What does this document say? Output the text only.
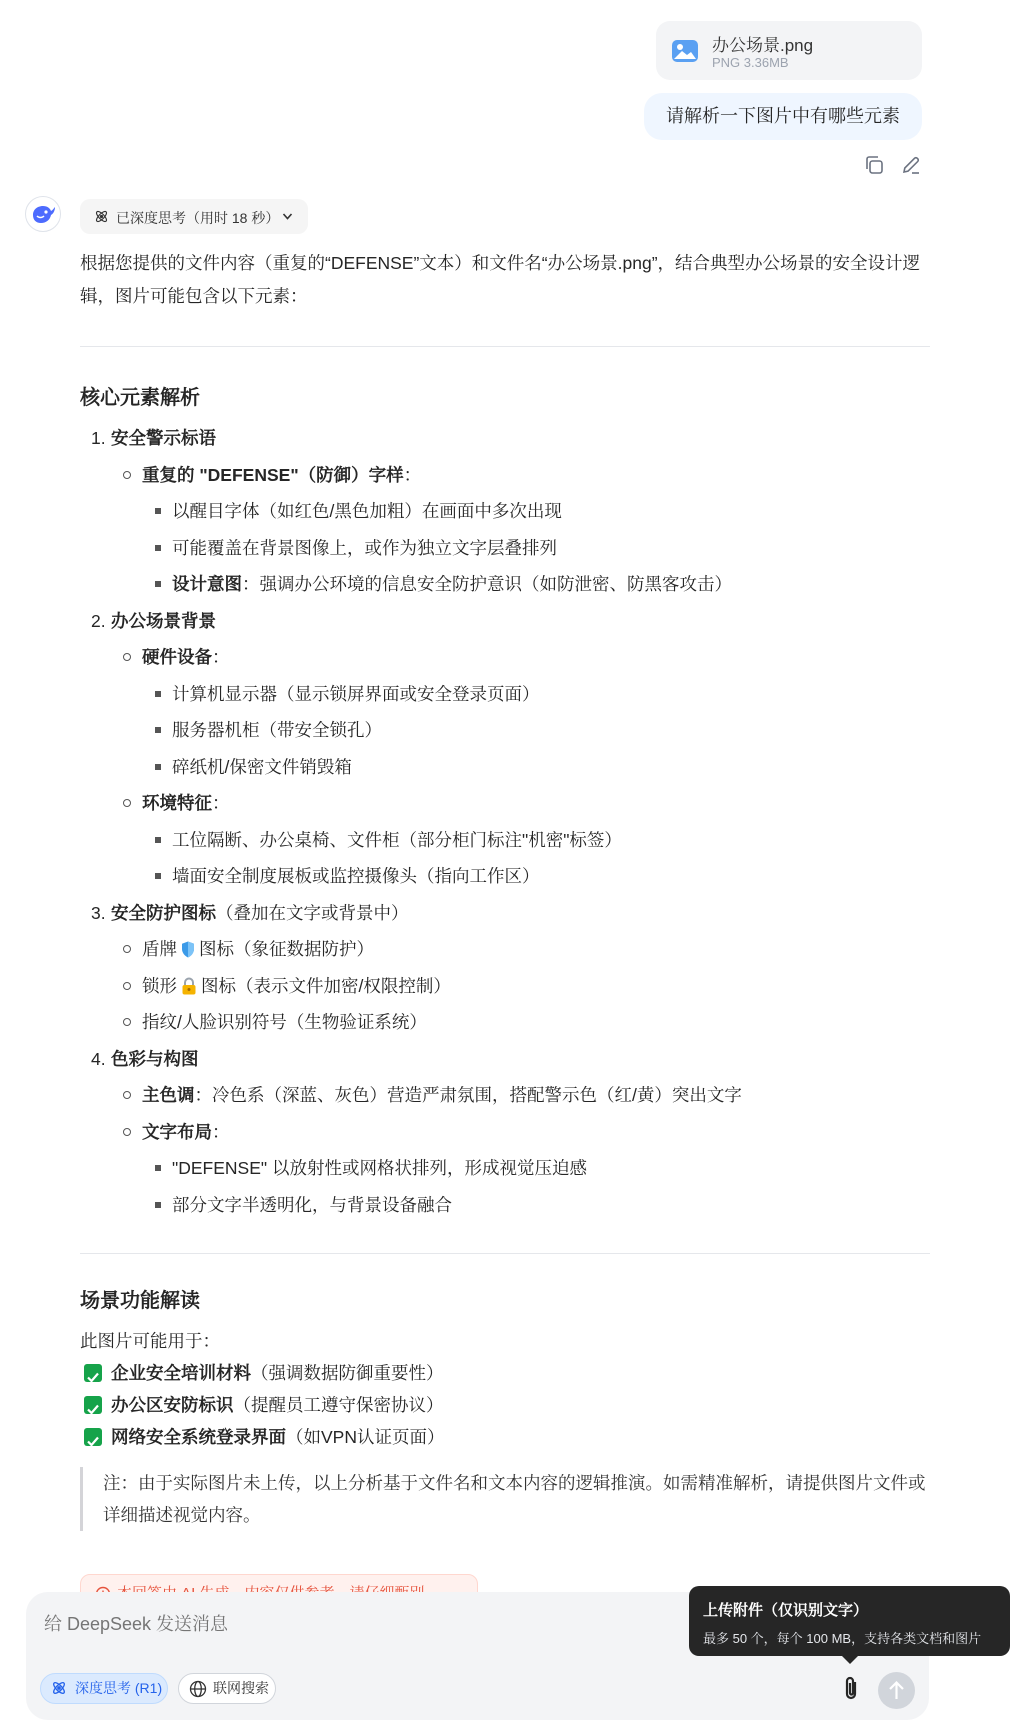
办公场景.png
PNG 3.36MB
请解析一下图片中有哪些元素
已深度思考（用时 18 秒）

根据您提供的文件内容（重复的“DEFENSE”文本）和文件名“办公场景.png”，结合典型办公场景的安全设计逻辑，图片可能包含以下元素：

核心元素解析
1. 安全警示标语
重复的 "DEFENSE"（防御）字样：
以醒目字体（如红色/黑色加粗）在画面中多次出现
可能覆盖在背景图像上，或作为独立文字层叠排列
设计意图：强调办公环境的信息安全防护意识（如防泄密、防黑客攻击）
2. 办公场景背景
硬件设备：
计算机显示器（显示锁屏界面或安全登录页面）
服务器机柜（带安全锁孔）
碎纸机/保密文件销毁箱
环境特征：
工位隔断、办公桌椅、文件柜（部分柜门标注"机密"标签）
墙面安全制度展板或监控摄像头（指向工作区）
3. 安全防护图标（叠加在文字或背景中）
盾牌 图标（象征数据防护）
锁形 图标（表示文件加密/权限控制）
指纹/人脸识别符号（生物验证系统）
4. 色彩与构图
主色调：冷色系（深蓝、灰色）营造严肃氛围，搭配警示色（红/黄）突出文字
文字布局：
"DEFENSE" 以放射性或网格状排列，形成视觉压迫感
部分文字半透明化，与背景设备融合
场景功能解读
此图片可能用于：
企业安全培训材料（强调数据防御重要性）
办公区安防标识（提醒员工遵守保密协议）
网络安全系统登录界面（如VPN认证页面）
注：由于实际图片未上传，以上分析基于文件名和文本内容的逻辑推演。如需精准解析，请提供图片文件或详细描述视觉内容。
给 DeepSeek 发送消息
深度思考 (R1)	联网搜索
上传附件（仅识别文字）
最多 50 个，每个 100 MB，支持各类文档和图片
